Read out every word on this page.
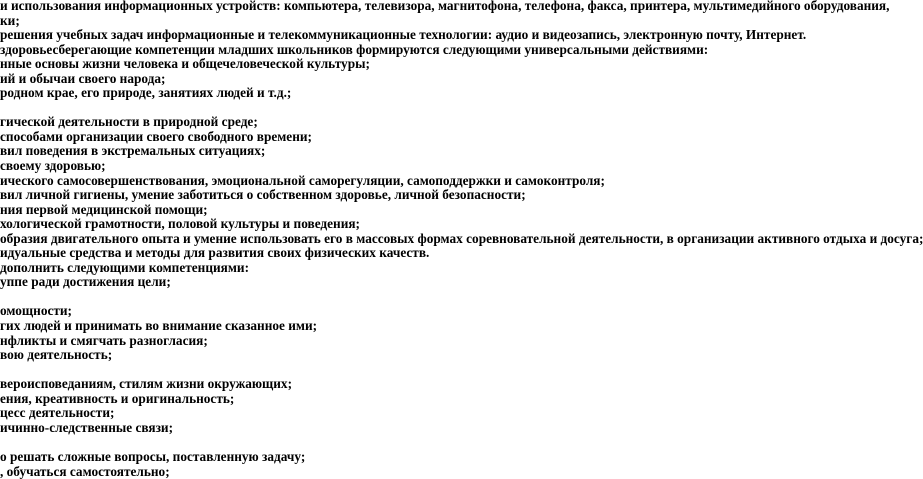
и использования информационных устройств: компьютера, телевизора, магнитофона, телефона, факса, принтера, мультимедийного оборудования,
ки;
решения учебных задач информационные и телекоммуникационные технологии: аудио и видеозапись, электронную почту, Интернет.
здоровьесберегающие компетенции младших школьников формируются следующими универсальными действиями:
нные основы жизни человека и общечеловеческой культуры;
ий и обычаи своего народа;
родном крае, его природе, занятиях людей и т.д.;
гической деятельности в природной среде;
способами организации своего свободного времени;
вил поведения в экстремальных ситуациях;
своему здоровью;
ического самосовершенствования, эмоциональной саморегуляции, самоподдержки и самоконтроля;
вил личной гигиены, умение заботиться о собственном здоровье, личной безопасности;
ния первой медицинской помощи;
хологической грамотности, половой культуры и поведения;
образия двигательного опыта и умение использовать его в массовых формах соревновательной деятельности, в организации активного отдыха и досуга;
идуальные средства и методы для развития своих физических качеств.
дополнить следующими компетенциями:
уппе ради достижения цели;
омощности;
гих людей и принимать во внимание сказанное ими;
нфликты и смягчать разногласия;
вою деятельность;
вероисповеданиям, стилям жизни окружающих;
ения, креативность и оригинальность;
цесс деятельности;
ичинно-следственные связи;
о решать сложные вопросы, поставленную задачу;
, обучаться самостоятельно;
